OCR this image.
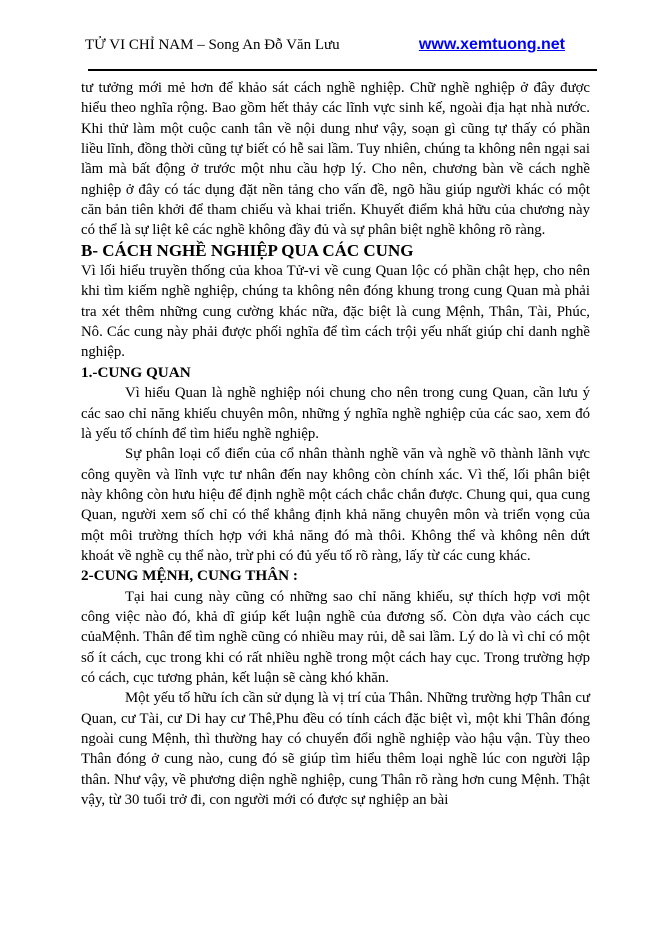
TỬ VI CHỈ NAM – Song An Đỗ Văn Lưu	www.xemtuong.net

tư tưởng mới mẻ hơn để khảo sát cách nghề nghiệp. Chữ nghề nghiệp ở đây được hiểu theo nghĩa rộng. Bao gồm hết thảy các lĩnh vực sinh kế, ngoài địa hạt nhà nước. Khi thử làm một cuộc canh tân về nội dung như vậy, soạn gì cũng tự thấy có phần liều lĩnh, đồng thời cũng tự biết có hễ sai lầm. Tuy nhiên, chúng ta không nên ngại sai lầm mà bất động ở trước một nhu cầu hợp lý. Cho nên, chương bàn về cách nghề nghiệp ở đây có tác dụng đặt nền tảng cho vấn đề, ngõ hầu giúp người khác có một căn bản tiên khởi để tham chiếu và khai triển. Khuyết điểm khả hữu của chương này có thể là sự liệt kê các nghề không đầy đủ và sự phân biệt nghề không rõ ràng.

B- CÁCH NGHỀ NGHIỆP QUA CÁC CUNG

Vì lối hiểu truyền thống của khoa Tử-vi về cung Quan lộc có phần chật hẹp, cho nên khi tìm kiếm nghề nghiệp, chúng ta không nên đóng khung trong cung Quan mà phải tra xét thêm những cung cường khác nữa, đặc biệt là cung Mệnh, Thân, Tài, Phúc, Nô. Các cung này phải được phối nghĩa để tìm cách trội yếu nhất giúp chỉ danh nghề nghiệp.

1.-CUNG QUAN

Vì hiểu Quan là nghề nghiệp nói chung cho nên trong cung Quan, cần lưu ý các sao chỉ năng khiếu chuyên môn, những ý nghĩa nghề nghiệp của các sao, xem đó là yếu tố chính để tìm hiểu nghề nghiệp.

Sự phân loại cổ điển của cổ nhân thành nghề văn và nghề võ thành lãnh vực công quyền và lĩnh vực tư nhân đến nay không còn chính xác. Vì thế, lối phân biệt này không còn hưu hiệu để định nghề một cách chắc chắn được. Chung qui, qua cung Quan, người xem số chỉ có thể khẳng định khả năng chuyên môn và triển vọng của một môi trường thích hợp với khả năng đó mà thôi. Không thể và không nên dứt khoát về nghề cụ thể nào, trừ phi có đủ yếu tố rõ ràng, lấy từ các cung khác.

2-CUNG MỆNH, CUNG THÂN :

Tại hai cung này cũng có những sao chỉ năng khiếu, sự thích hợp vơi một công việc nào đó, khả dĩ giúp kết luận nghề của đương số. Còn dựa vào cách cục củaMệnh. Thân để tìm nghề cũng có nhiều may rủi, dễ sai lầm. Lý do là vì chỉ có một số ít cách, cục trong khi có rất nhiều nghề trong một cách hay cục. Trong trường hợp có cách, cục tương phản, kết luận sẽ càng khó khăn.

Một yếu tố hữu ích cần sử dụng là vị trí của Thân. Những trường hợp Thân cư Quan, cư Tài, cư Di hay cư Thê,Phu đều có tính cách đặc biệt vì, một khi Thân đóng ngoài cung Mệnh, thì thường hay có chuyển đổi nghề nghiệp vào hậu vận. Tùy theo Thân đóng ở cung nào, cung đó sẽ giúp tìm hiểu thêm loại nghề lúc con người lập thân. Như vậy, về phương diện nghề nghiệp, cung Thân rõ ràng hơn cung Mệnh. Thật vậy, từ 30 tuổi trở đi, con người mới có được sự nghiệp an bài
